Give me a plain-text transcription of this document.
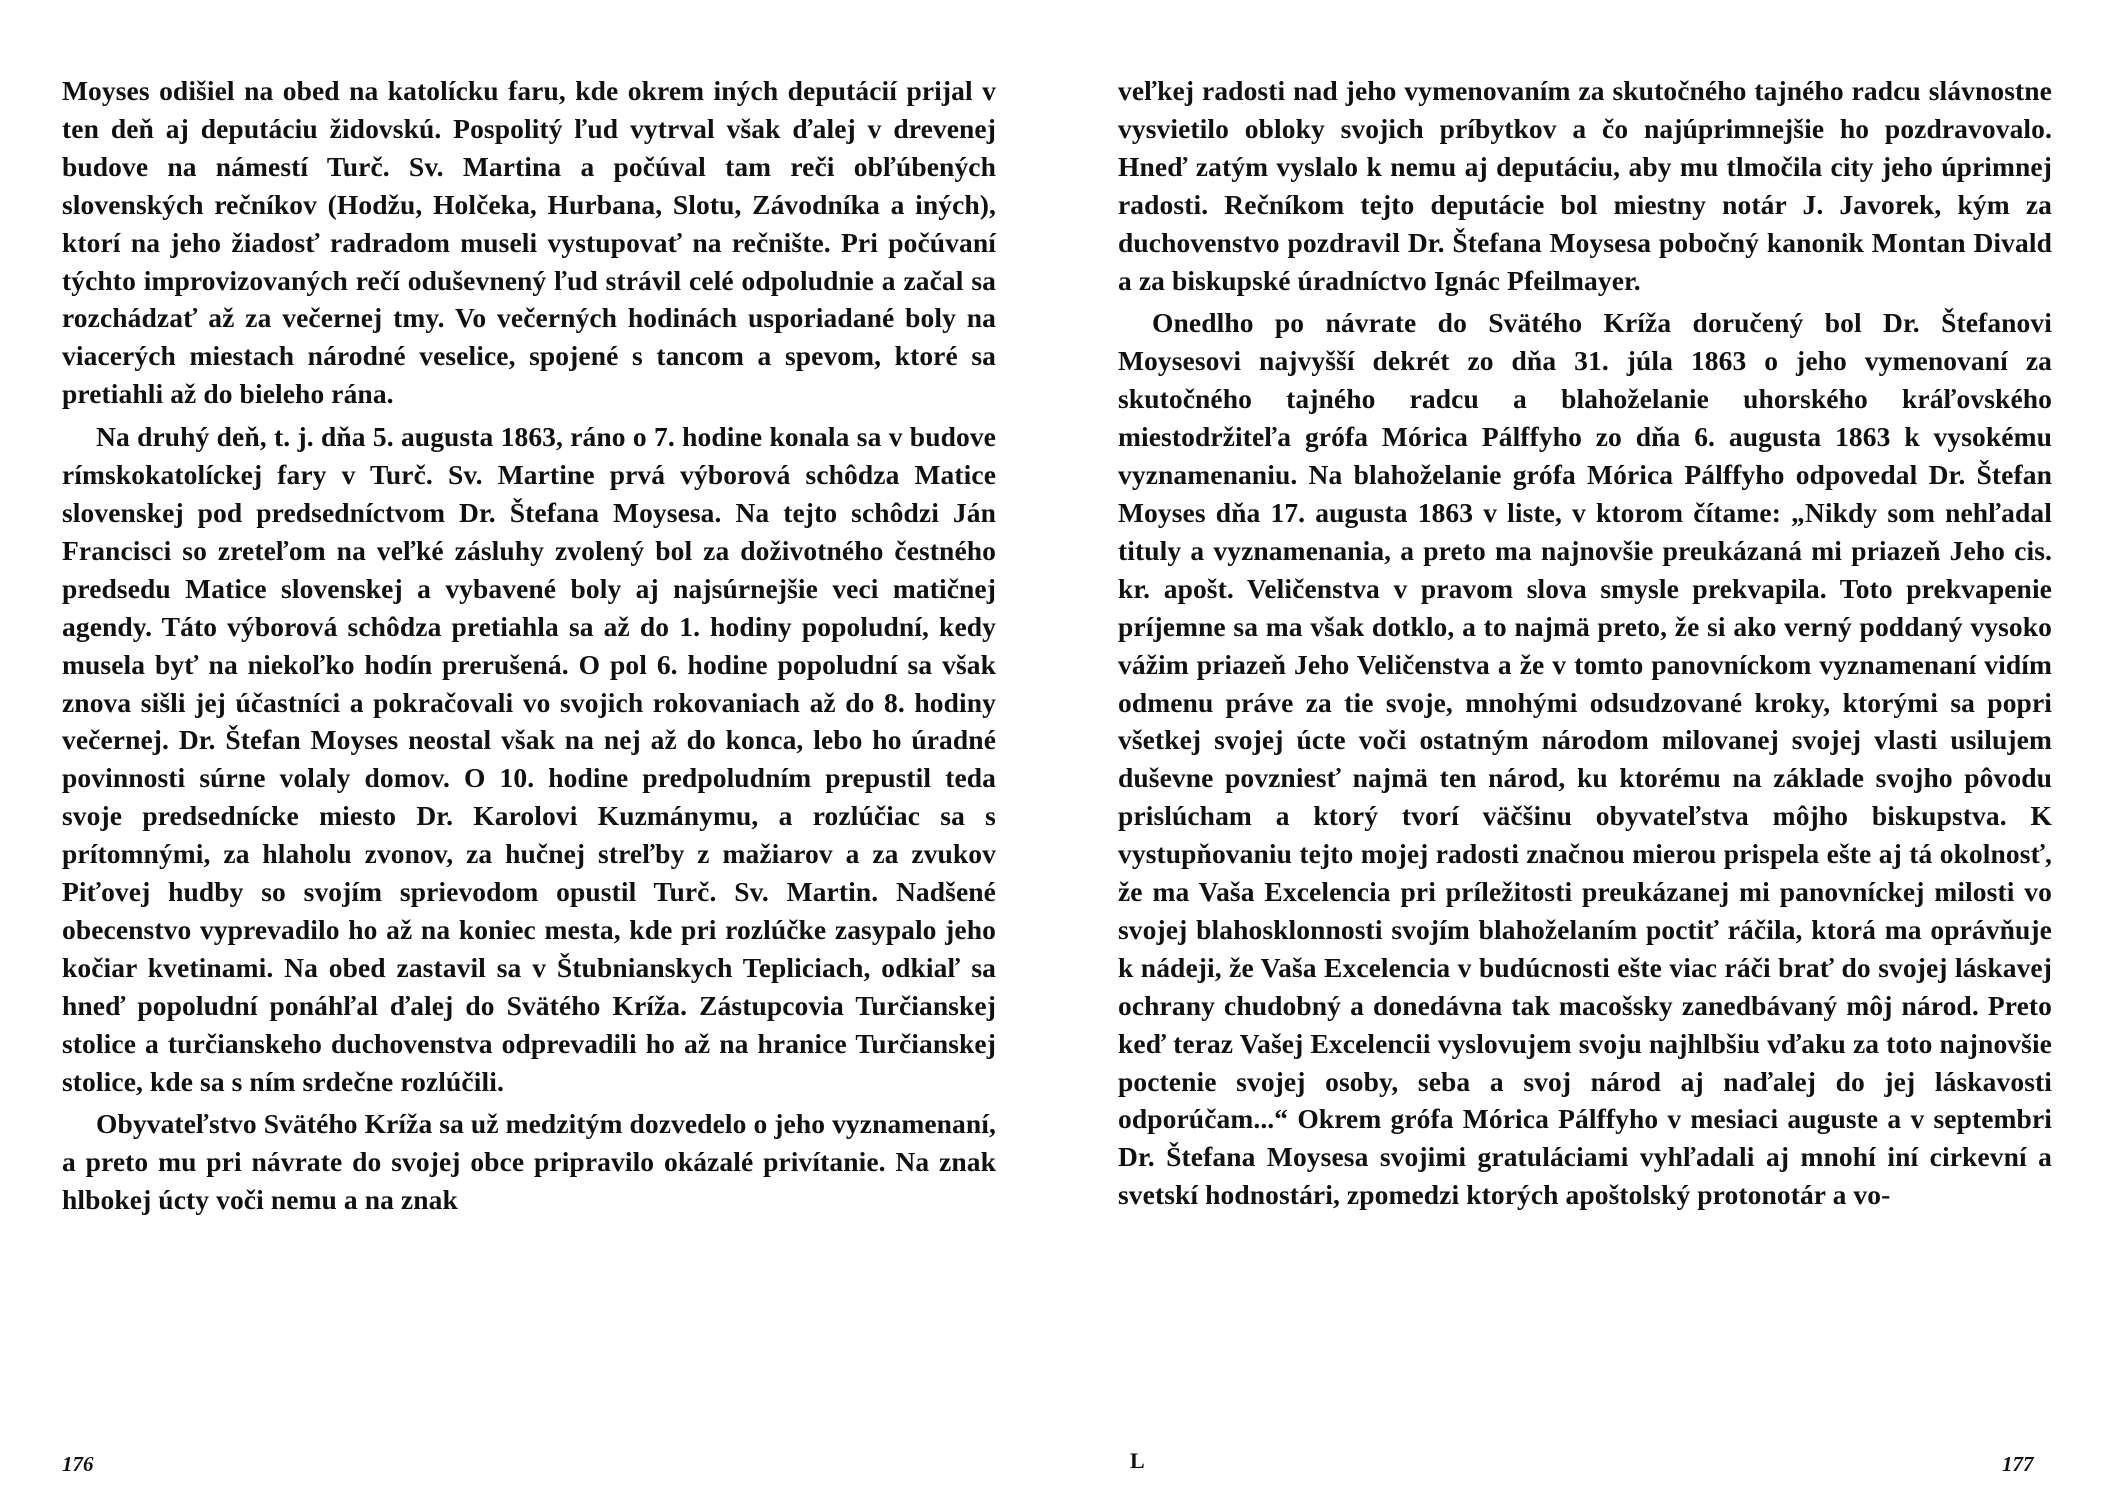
Moyses odišiel na obed na katolícku faru, kde okrem iných deputácií prijal v ten deň aj deputáciu židovskú. Pospolitý ľud vytrval však ďalej v drevenej budove na námestí Turč. Sv. Martina a počúval tam reči obľúbených slovenských rečníkov (Hodžu, Holčeka, Hurbana, Slotu, Závodníka a iných), ktorí na jeho žiadosť radradom museli vystupovať na rečnište. Pri počúvaní týchto improvizovaných rečí oduševnený ľud strávil celé odpoludnie a začal sa rozchádzať až za večernej tmy. Vo večerných hodinách usporiadané boly na viacerých miestach národné veselice, spojené s tancom a spevom, ktoré sa pretiahli až do bieleho rána.

Na druhý deň, t. j. dňa 5. augusta 1863, ráno o 7. hodine konala sa v budove rímskokatolíckej fary v Turč. Sv. Martine prvá výborová schôdza Matice slovenskej pod predsedníctvom Dr. Štefana Moysesa. Na tejto schôdzi Ján Francisci so zreteľom na veľké zásluhy zvolený bol za doživotného čestného predsedu Matice slovenskej a vybavené boly aj najsúrnejšie veci matičnej agendy. Táto výborová schôdza pretiahla sa až do 1. hodiny popoludní, kedy musela byť na niekoľko hodín prerušená. O pol 6. hodine popoludní sa však znova sišli jej účastníci a pokračovali vo svojich rokovaniach až do 8. hodiny večernej. Dr. Štefan Moyses neostal však na nej až do konca, lebo ho úradné povinnosti súrne volaly domov. O 10. hodine predpoludním prepustil teda svoje predsednícke miesto Dr. Karolovi Kuzmánymu, a rozlúčiac sa s prítomnými, za hlaholu zvonov, za hučnej streľby z mažiarov a za zvukov Piťovej hudby so svojím sprievodom opustil Turč. Sv. Martin. Nadšené obecenstvo vyprevadilo ho až na koniec mesta, kde pri rozlúčke zasypalo jeho kočiar kvetinami. Na obed zastavil sa v Štubnianskych Tepliciach, odkiaľ sa hneď popoludní ponáhľal ďalej do Svätého Kríža. Zástupcovia Turčianskej stolice a turčianskeho duchovenstva odprevadili ho až na hranice Turčianskej stolice, kde sa s ním srdečne rozlúčili.

Obyvateľstvo Svätého Kríža sa už medzitým dozvedelo o jeho vyznamenaní, a preto mu pri návrate do svojej obce pripravilo okázalé privítanie. Na znak hlbokej úcty voči nemu a na znak

veľkej radosti nad jeho vymenovaním za skutočného tajného radcu slávnostne vysvietilo obloky svojich príbytkov a čo najúprimnejšie ho pozdravovalo. Hneď zatým vyslalo k nemu aj deputáciu, aby mu tlmočila city jeho úprimnej radosti. Rečníkom tejto deputácie bol miestny notár J. Javorek, kým za duchovenstvo pozdravil Dr. Štefana Moysesa pobočný kanonik Montan Divald a za biskupské úradníctvo Ignác Pfeilmayer.

Onedlho po návrate do Svätého Kríža doručený bol Dr. Štefanovi Moysesovi najvyšší dekrét zo dňa 31. júla 1863 o jeho vymenovaní za skutočného tajného radcu a blahoželanie uhorského kráľovského miestodržiteľa grófa Mórica Pálffyho zo dňa 6. augusta 1863 k vysokému vyznamenaniu. Na blahoželanie grófa Mórica Pálffyho odpovedal Dr. Štefan Moyses dňa 17. augusta 1863 v liste, v ktorom čítame: „Nikdy som nehľadal tituly a vyznamenania, a preto ma najnovšie preukázaná mi priazeň Jeho cis. kr. apošt. Veličenstva v pravom slova smysle prekvapila. Toto prekvapenie príjemne sa ma však dotklo, a to najmä preto, že si ako verný poddaný vysoko vážim priazeň Jeho Veličenstva a že v tomto panovníckom vyznamenaní vidím odmenu práve za tie svoje, mnohými odsudzované kroky, ktorými sa popri všetkej svojej úcte voči ostatným národom milovanej svojej vlasti usilujem duševne povzniesť najmä ten národ, ku ktorému na základe svojho pôvodu prislúcham a ktorý tvorí väčšinu obyvateľstva môjho biskupstva. K vystupňovaniu tejto mojej radosti značnou mierou prispela ešte aj tá okolnosť, že ma Vaša Excelencia pri príležitosti preukázanej mi panovníckej milosti vo svojej blahosklonnosti svojím blahoželaním poctiť ráčila, ktorá ma oprávňuje k nádeji, že Vaša Excelencia v budúcnosti ešte viac ráči brať do svojej láskavej ochrany chudobný a donedávna tak macošsky zanedbávaný môj národ. Preto keď teraz Vašej Excelencii vyslovujem svoju najhlbšiu vďaku za toto najnovšie poctenie svojej osoby, seba a svoj národ aj naďalej do jej láskavosti odporúčam...“ Okrem grófa Mórica Pálffyho v mesiaci auguste a v septembri Dr. Štefana Moysesa svojimi gratuláciami vyhľadali aj mnohí iní cirkevní a svetskí hodnostári, zpomedzi ktorých apoštolský protonotár a vo-

176	L	177
